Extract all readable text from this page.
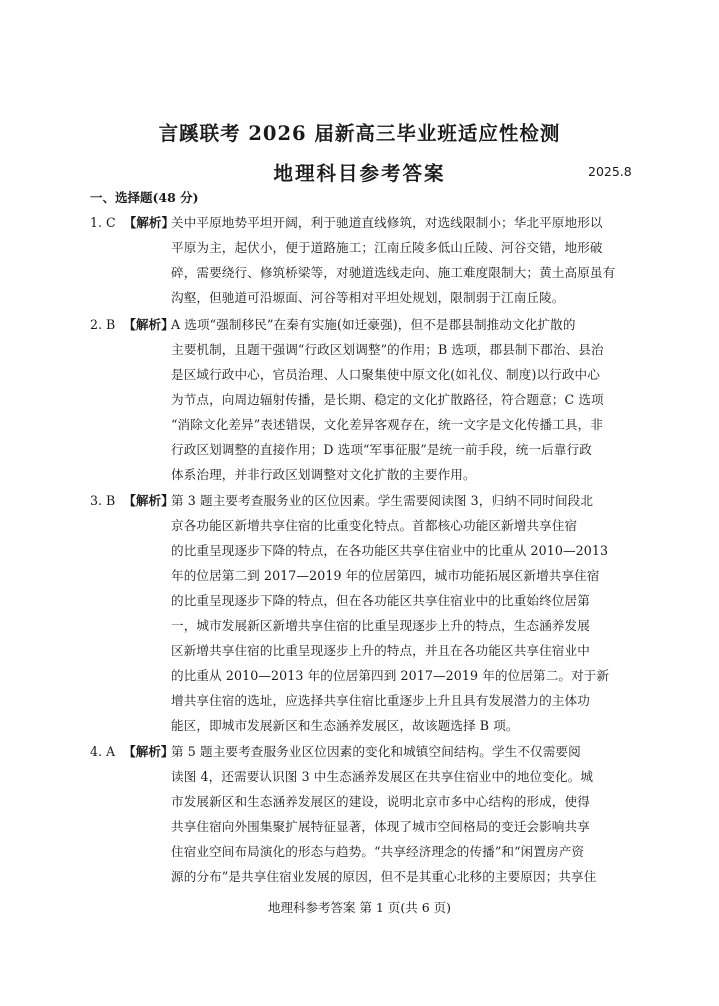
言蹊联考 2026 届新高三毕业班适应性检测
地理科目参考答案	2025.8
一、选择题(48 分)
1. C 【解析】
关中平原地势平坦开阔，利于驰道直线修筑，对选线限制小；华北平原地形以
平原为主，起伏小，便于道路施工；江南丘陵多低山丘陵、河谷交错，地形破
碎，需要绕行、修筑桥梁等，对驰道选线走向、施工难度限制大；黄土高原虽有
沟壑，但驰道可沿塬面、河谷等相对平坦处规划，限制弱于江南丘陵。
2. B 【解析】
A 选项“强制移民”在秦有实施(如迁豪强)，但不是郡县制推动文化扩散的
主要机制，且题干强调“行政区划调整”的作用；B 选项，郡县制下郡治、县治
是区域行政中心，官员治理、人口聚集使中原文化(如礼仪、制度)以行政中心
为节点，向周边辐射传播，是长期、稳定的文化扩散路径，符合题意；C 选项
“消除文化差异”表述错误，文化差异客观存在，统一文字是文化传播工具，非
行政区划调整的直接作用；D 选项“军事征服”是统一前手段，统一后靠行政
体系治理，并非行政区划调整对文化扩散的主要作用。
3. B 【解析】
第 3 题主要考查服务业的区位因素。学生需要阅读图 3，归纳不同时间段北
京各功能区新增共享住宿的比重变化特点。首都核心功能区新增共享住宿
的比重呈现逐步下降的特点，在各功能区共享住宿业中的比重从 2010—2013
年的位居第二到 2017—2019 年的位居第四，城市功能拓展区新增共享住宿
的比重呈现逐步下降的特点，但在各功能区共享住宿业中的比重始终位居第
一，城市发展新区新增共享住宿的比重呈现逐步上升的特点，生态涵养发展
区新增共享住宿的比重呈现逐步上升的特点，并且在各功能区共享住宿业中
的比重从 2010—2013 年的位居第四到 2017—2019 年的位居第二。对于新
增共享住宿的选址，应选择共享住宿比重逐步上升且具有发展潜力的主体功
能区，即城市发展新区和生态涵养发展区，故该题选择 B 项。
4. A 【解析】
第 5 题主要考查服务业区位因素的变化和城镇空间结构。学生不仅需要阅
读图 4，还需要认识图 3 中生态涵养发展区在共享住宿业中的地位变化。城
市发展新区和生态涵养发展区的建设，说明北京市多中心结构的形成，使得
共享住宿向外围集聚扩展特征显著，体现了城市空间格局的变迁会影响共享
住宿业空间布局演化的形态与趋势。“共享经济理念的传播”和“闲置房产资
源的分布”是共享住宿业发展的原因，但不是其重心北移的主要原因；共享住
地理科参考答案 第 1 页(共 6 页)
